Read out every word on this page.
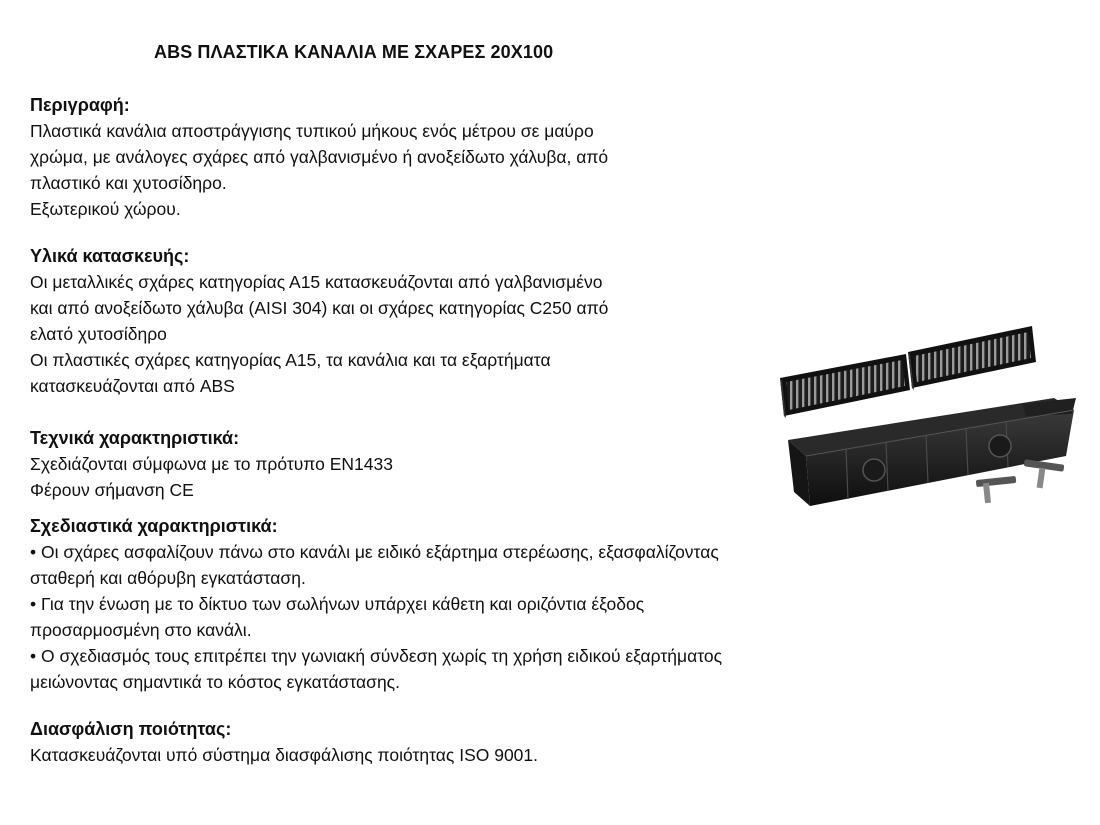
ABS ΠΛΑΣΤΙΚΑ ΚΑΝΑΛΙΑ ΜΕ ΣΧΑΡΕΣ 20Χ100
Περιγραφή:
Πλαστικά κανάλια αποστράγγισης τυπικού μήκους ενός μέτρου σε μαύρο
χρώμα, με ανάλογες σχάρες από γαλβανισμένο ή ανοξείδωτο χάλυβα, από
πλαστικό και χυτοσίδηρο.
Εξωτερικού χώρου.
Υλικά κατασκευής:
Οι μεταλλικές σχάρες κατηγορίας Α15 κατασκευάζονται από γαλβανισμένο
και από ανοξείδωτο χάλυβα (AISI 304) και οι σχάρες κατηγορίας C250 από
ελατό χυτοσίδηρο
Οι πλαστικές σχάρες κατηγορίας Α15, τα κανάλια και τα εξαρτήματα
κατασκευάζονται από ABS
Τεχνικά χαρακτηριστικά:
Σχεδιάζονται σύμφωνα με το πρότυπο EN1433
Φέρουν σήμανση CE
Σχεδιαστικά χαρακτηριστικά:
• Οι σχάρες ασφαλίζουν πάνω στο κανάλι με ειδικό εξάρτημα στερέωσης, εξασφαλίζοντας
σταθερή και αθόρυβη εγκατάσταση.
• Για την ένωση με το δίκτυο των σωλήνων υπάρχει κάθετη και οριζόντια έξοδος
προσαρμοσμένη στο κανάλι.
• Ο σχεδιασμός τους επιτρέπει την γωνιακή σύνδεση χωρίς τη χρήση ειδικού εξαρτήματος
μειώνοντας σημαντικά το κόστος εγκατάστασης.
Διασφάλιση ποιότητας:
Κατασκευάζονται υπό σύστημα διασφάλισης ποιότητας ISO 9001.
